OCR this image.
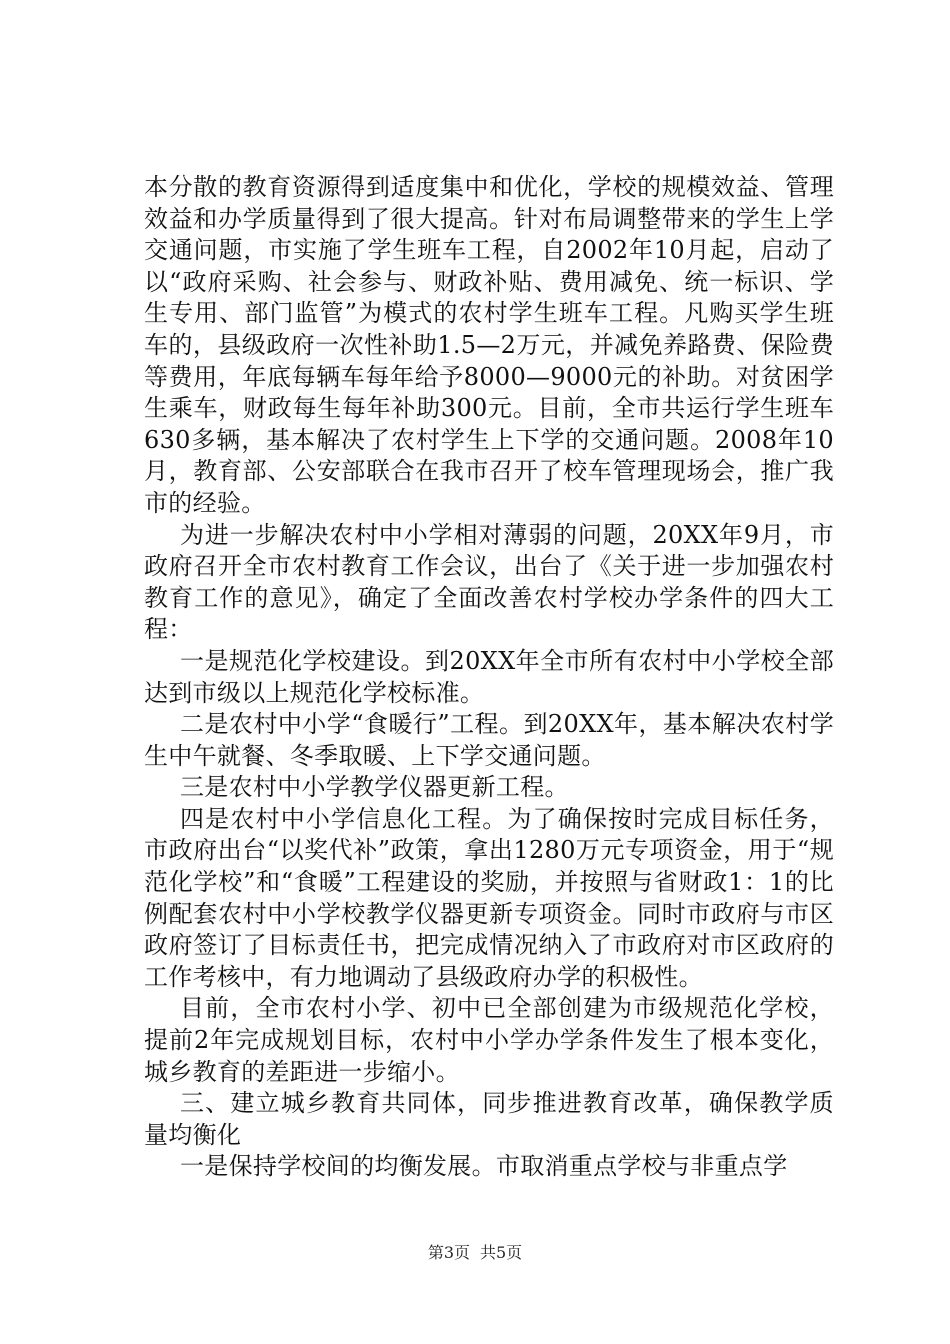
本分散的教育资源得到适度集中和优化，学校的规模效益、管理效益和办学质量得到了很大提高。针对布局调整带来的学生上学交通问题，市实施了学生班车工程，自2002年10月起，启动了以“政府采购、社会参与、财政补贴、费用减免、统一标识、学生专用、部门监管”为模式的农村学生班车工程。凡购买学生班车的，县级政府一次性补助1.5—2万元，并减免养路费、保险费等费用，年底每辆车每年给予8000—9000元的补助。对贫困学生乘车，财政每生每年补助300元。目前，全市共运行学生班车630多辆，基本解决了农村学生上下学的交通问题。2008年10月，教育部、公安部联合在我市召开了校车管理现场会，推广我市的经验。

为进一步解决农村中小学相对薄弱的问题，20XX年9月，市政府召开全市农村教育工作会议，出台了《关于进一步加强农村教育工作的意见》，确定了全面改善农村学校办学条件的四大工程：

一是规范化学校建设。到20XX年全市所有农村中小学校全部达到市级以上规范化学校标准。

二是农村中小学“食暖行”工程。到20XX年，基本解决农村学生中午就餐、冬季取暖、上下学交通问题。

三是农村中小学教学仪器更新工程。

四是农村中小学信息化工程。为了确保按时完成目标任务，市政府出台“以奖代补”政策，拿出1280万元专项资金，用于“规范化学校”和“食暖”工程建设的奖励，并按照与省财政1：1的比例配套农村中小学校教学仪器更新专项资金。同时市政府与市区政府签订了目标责任书，把完成情况纳入了市政府对市区政府的工作考核中，有力地调动了县级政府办学的积极性。

目前，全市农村小学、初中已全部创建为市级规范化学校，提前2年完成规划目标，农村中小学办学条件发生了根本变化，城乡教育的差距进一步缩小。

三、建立城乡教育共同体，同步推进教育改革，确保教学质量均衡化

一是保持学校间的均衡发展。市取消重点学校与非重点学

第3页 共5页
